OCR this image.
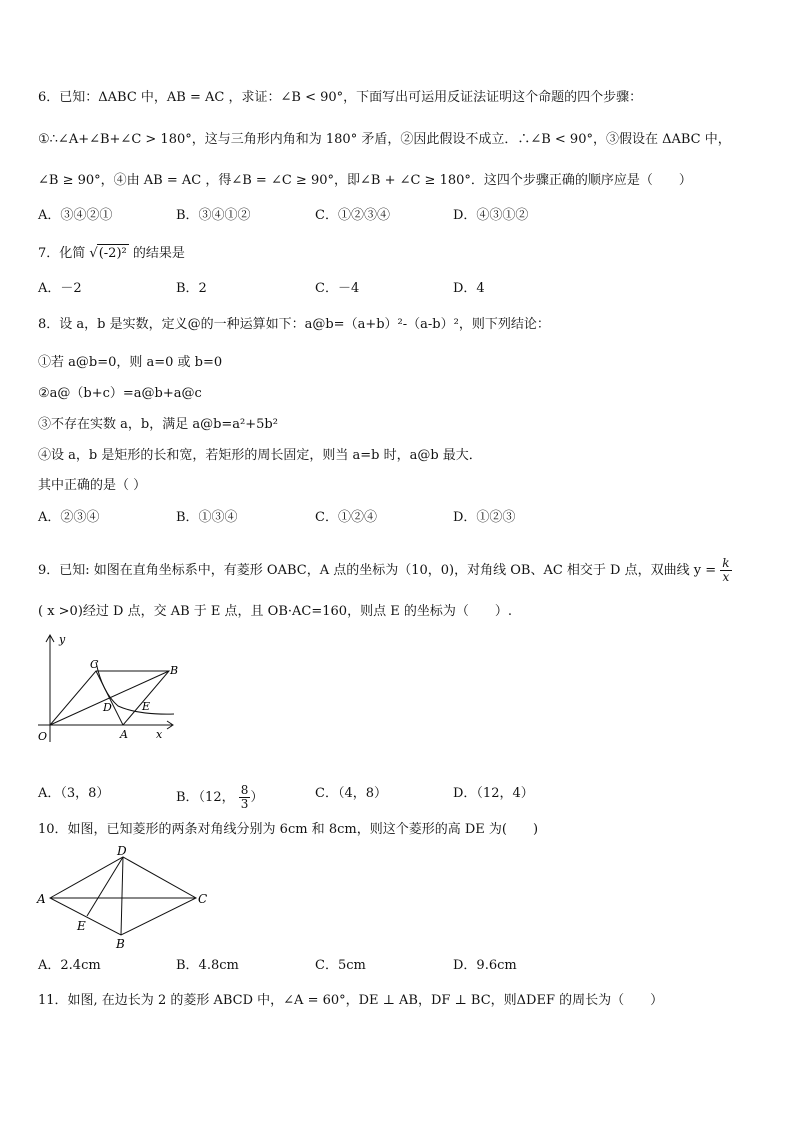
6．已知：ΔABC 中，AB = AC ，求证：∠B < 90°，下面写出可运用反证法证明这个命题的四个步骤：
①∴∠A+∠B+∠C > 180°，这与三角形内角和为 180° 矛盾，②因此假设不成立．∴∠B < 90°，③假设在 ΔABC 中，
∠B ≥ 90°，④由 AB = AC ，得∠B = ∠C ≥ 90°，即∠B + ∠C ≥ 180°．这四个步骤正确的顺序应是（　　）
A．③④②①	B．③④①②	C．①②③④	D．④③①②
7．化简 √(-2)² 的结果是
A．－2	B．2	C．－4	D．4
8．设 a，b 是实数，定义@的一种运算如下：a@b=（a+b）²-（a-b）²，则下列结论：
①若 a@b=0，则 a=0 或 b=0
②a@（b+c）=a@b+a@c
③不存在实数 a，b，满足 a@b=a²+5b²
④设 a，b 是矩形的长和宽，若矩形的周长固定，则当 a=b 时，a@b 最大．
其中正确的是（ ）
A．②③④	B．①③④	C．①②④	D．①②③
9．已知: 如图在直角坐标系中，有菱形 OABC，A 点的坐标为（10，0)，对角线 OB、AC 相交于 D 点，双曲线 $y = \frac{k}{x}$
( x >0)经过 D 点，交 AB 于 E 点，且 OB·AC=160，则点 E 的坐标为（　　）.
y
x
O	A
B
C
D	E
A．（3，8）	B．（12， $\frac{8}{3}$ ）	C．（4，8）	D．（12，4）
10．如图，已知菱形的两条对角线分别为 6cm 和 8cm，则这个菱形的高 DE 为(　　)
A
D
C
B
E
A．2.4cm	B．4.8cm	C．5cm	D．9.6cm
11．如图, 在边长为 2 的菱形 ABCD 中，∠A = 60°，DE ⊥ AB，DF ⊥ BC，则ΔDEF 的周长为（　　）
